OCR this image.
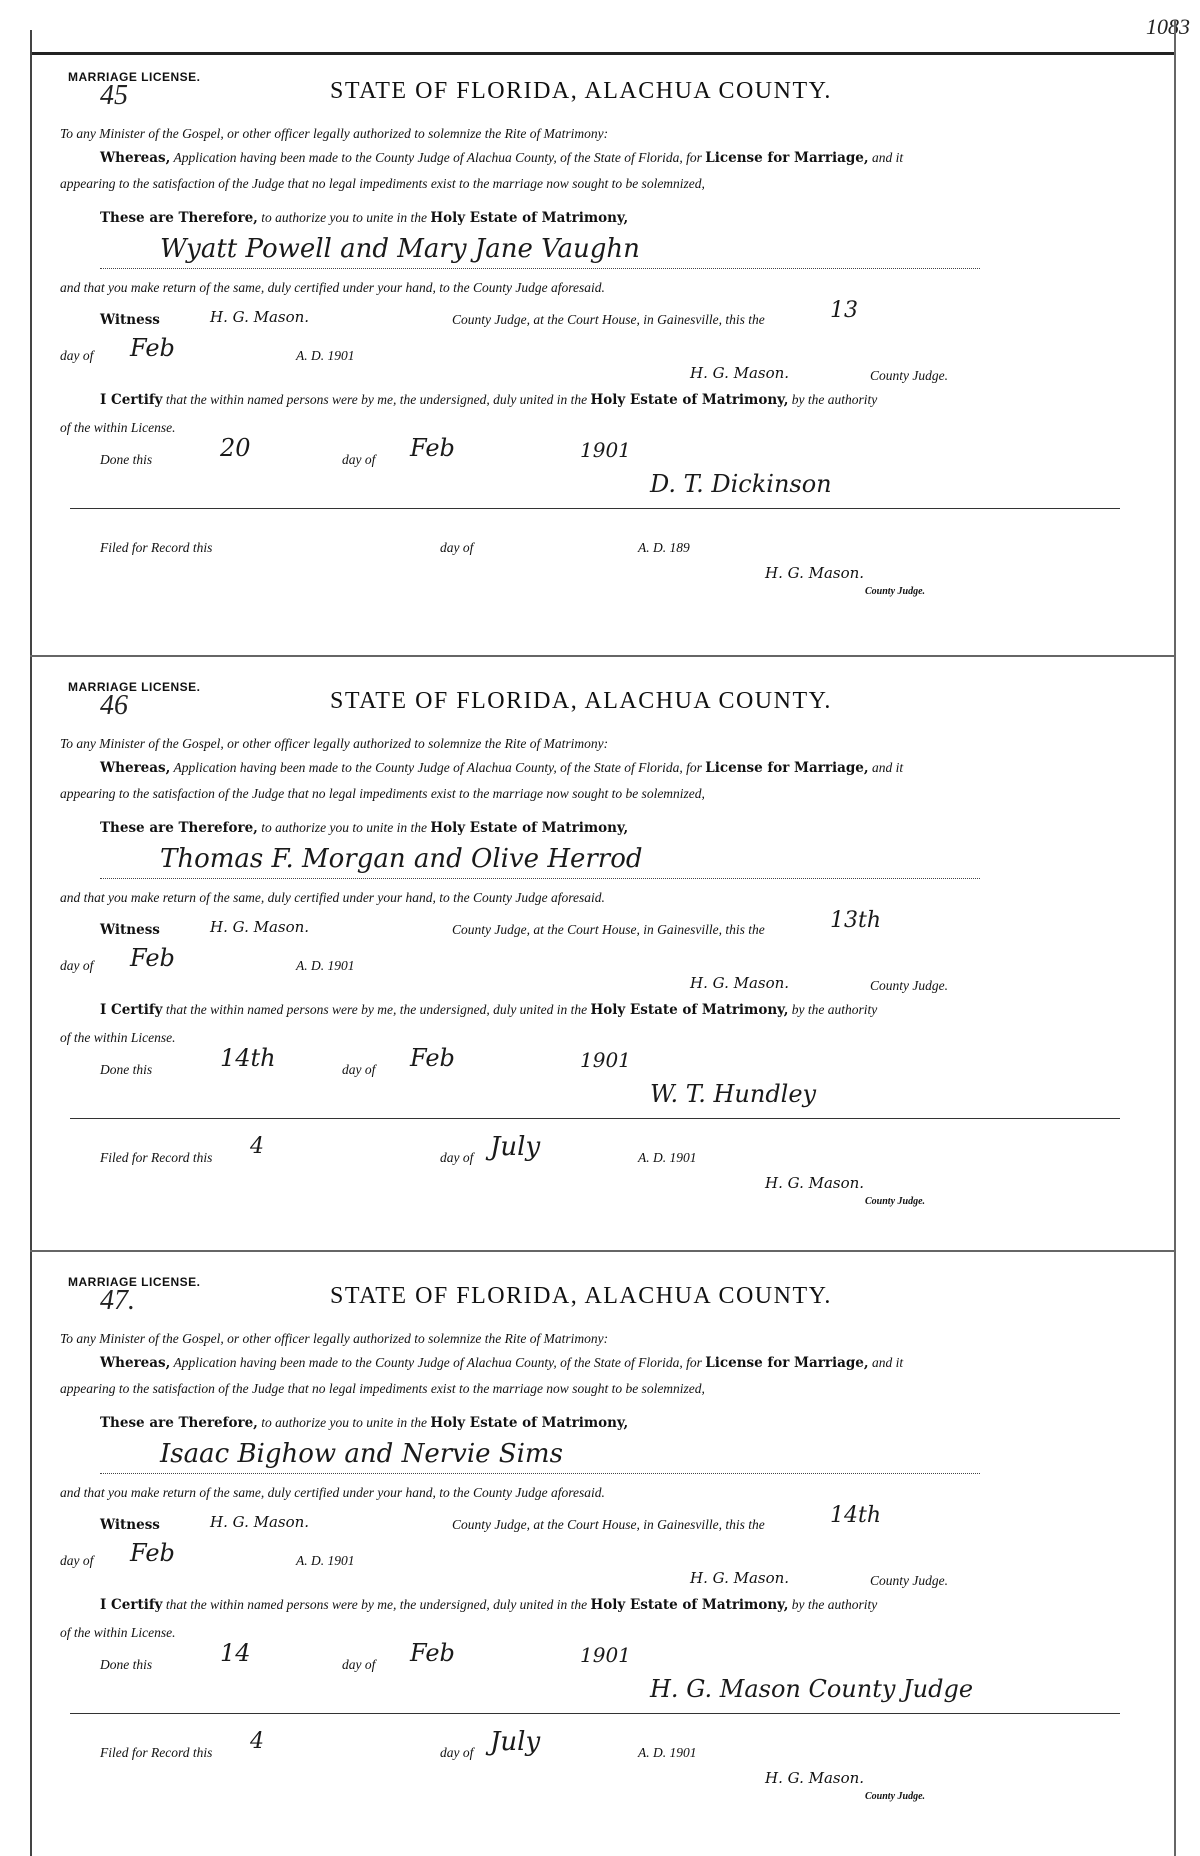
1083
MARRIAGE LICENSE.
45	STATE OF FLORIDA, ALACHUA COUNTY.
To any Minister of the Gospel, or other officer legally authorized to solemnize the Rite of Matrimony:
Whereas, Application having been made to the County Judge of Alachua County, of the State of Florida, for License for Marriage, and it
appearing to the satisfaction of the Judge that no legal impediments exist to the marriage now sought to be solemnized,
These are Therefore, to authorize you to unite in the Holy Estate of Matrimony,
Wyatt Powell and Mary Jane Vaughn
and that you make return of the same, duly certified under your hand, to the County Judge aforesaid.
Witness	H. G. Mason.	County Judge, at the Court House, in Gainesville, this the	13
day of Feb	A. D. 1901
H. G. Mason.	County Judge.
I Certify that the within named persons were by me, the undersigned, duly united in the Holy Estate of Matrimony, by the authority
of the within License.
Done this	20	day of Feb	1901
D. T. Dickinson
Filed for Record this	day of	A. D. 189
H. G. Mason.
County Judge.
MARRIAGE LICENSE.
46	STATE OF FLORIDA, ALACHUA COUNTY.
To any Minister of the Gospel, or other officer legally authorized to solemnize the Rite of Matrimony:
Whereas, Application having been made to the County Judge of Alachua County, of the State of Florida, for License for Marriage, and it
appearing to the satisfaction of the Judge that no legal impediments exist to the marriage now sought to be solemnized,
These are Therefore, to authorize you to unite in the Holy Estate of Matrimony,
Thomas F. Morgan and Olive Herrod
and that you make return of the same, duly certified under your hand, to the County Judge aforesaid.
Witness	H. G. Mason.	County Judge, at the Court House, in Gainesville, this the	13th
day of Feb	A. D. 1901
H. G. Mason.	County Judge.
I Certify that the within named persons were by me, the undersigned, duly united in the Holy Estate of Matrimony, by the authority
of the within License.
Done this	14th	day of Feb	1901
W. T. Hundley
Filed for Record this 4	day of July	A. D. 1901
H. G. Mason.
County Judge.
MARRIAGE LICENSE.
47.	STATE OF FLORIDA, ALACHUA COUNTY.
To any Minister of the Gospel, or other officer legally authorized to solemnize the Rite of Matrimony:
Whereas, Application having been made to the County Judge of Alachua County, of the State of Florida, for License for Marriage, and it
appearing to the satisfaction of the Judge that no legal impediments exist to the marriage now sought to be solemnized,
These are Therefore, to authorize you to unite in the Holy Estate of Matrimony,
Isaac Bighow and Nervie Sims
and that you make return of the same, duly certified under your hand, to the County Judge aforesaid.
Witness	H. G. Mason.	County Judge, at the Court House, in Gainesville, this the	14th
day of Feb	A. D. 1901
H. G. Mason.	County Judge.
I Certify that the within named persons were by me, the undersigned, duly united in the Holy Estate of Matrimony, by the authority
of the within License.
Done this	14	day of Feb	1901
H. G. Mason County Judge
Filed for Record this 4	day of July	A. D. 1901
H. G. Mason.
County Judge.
